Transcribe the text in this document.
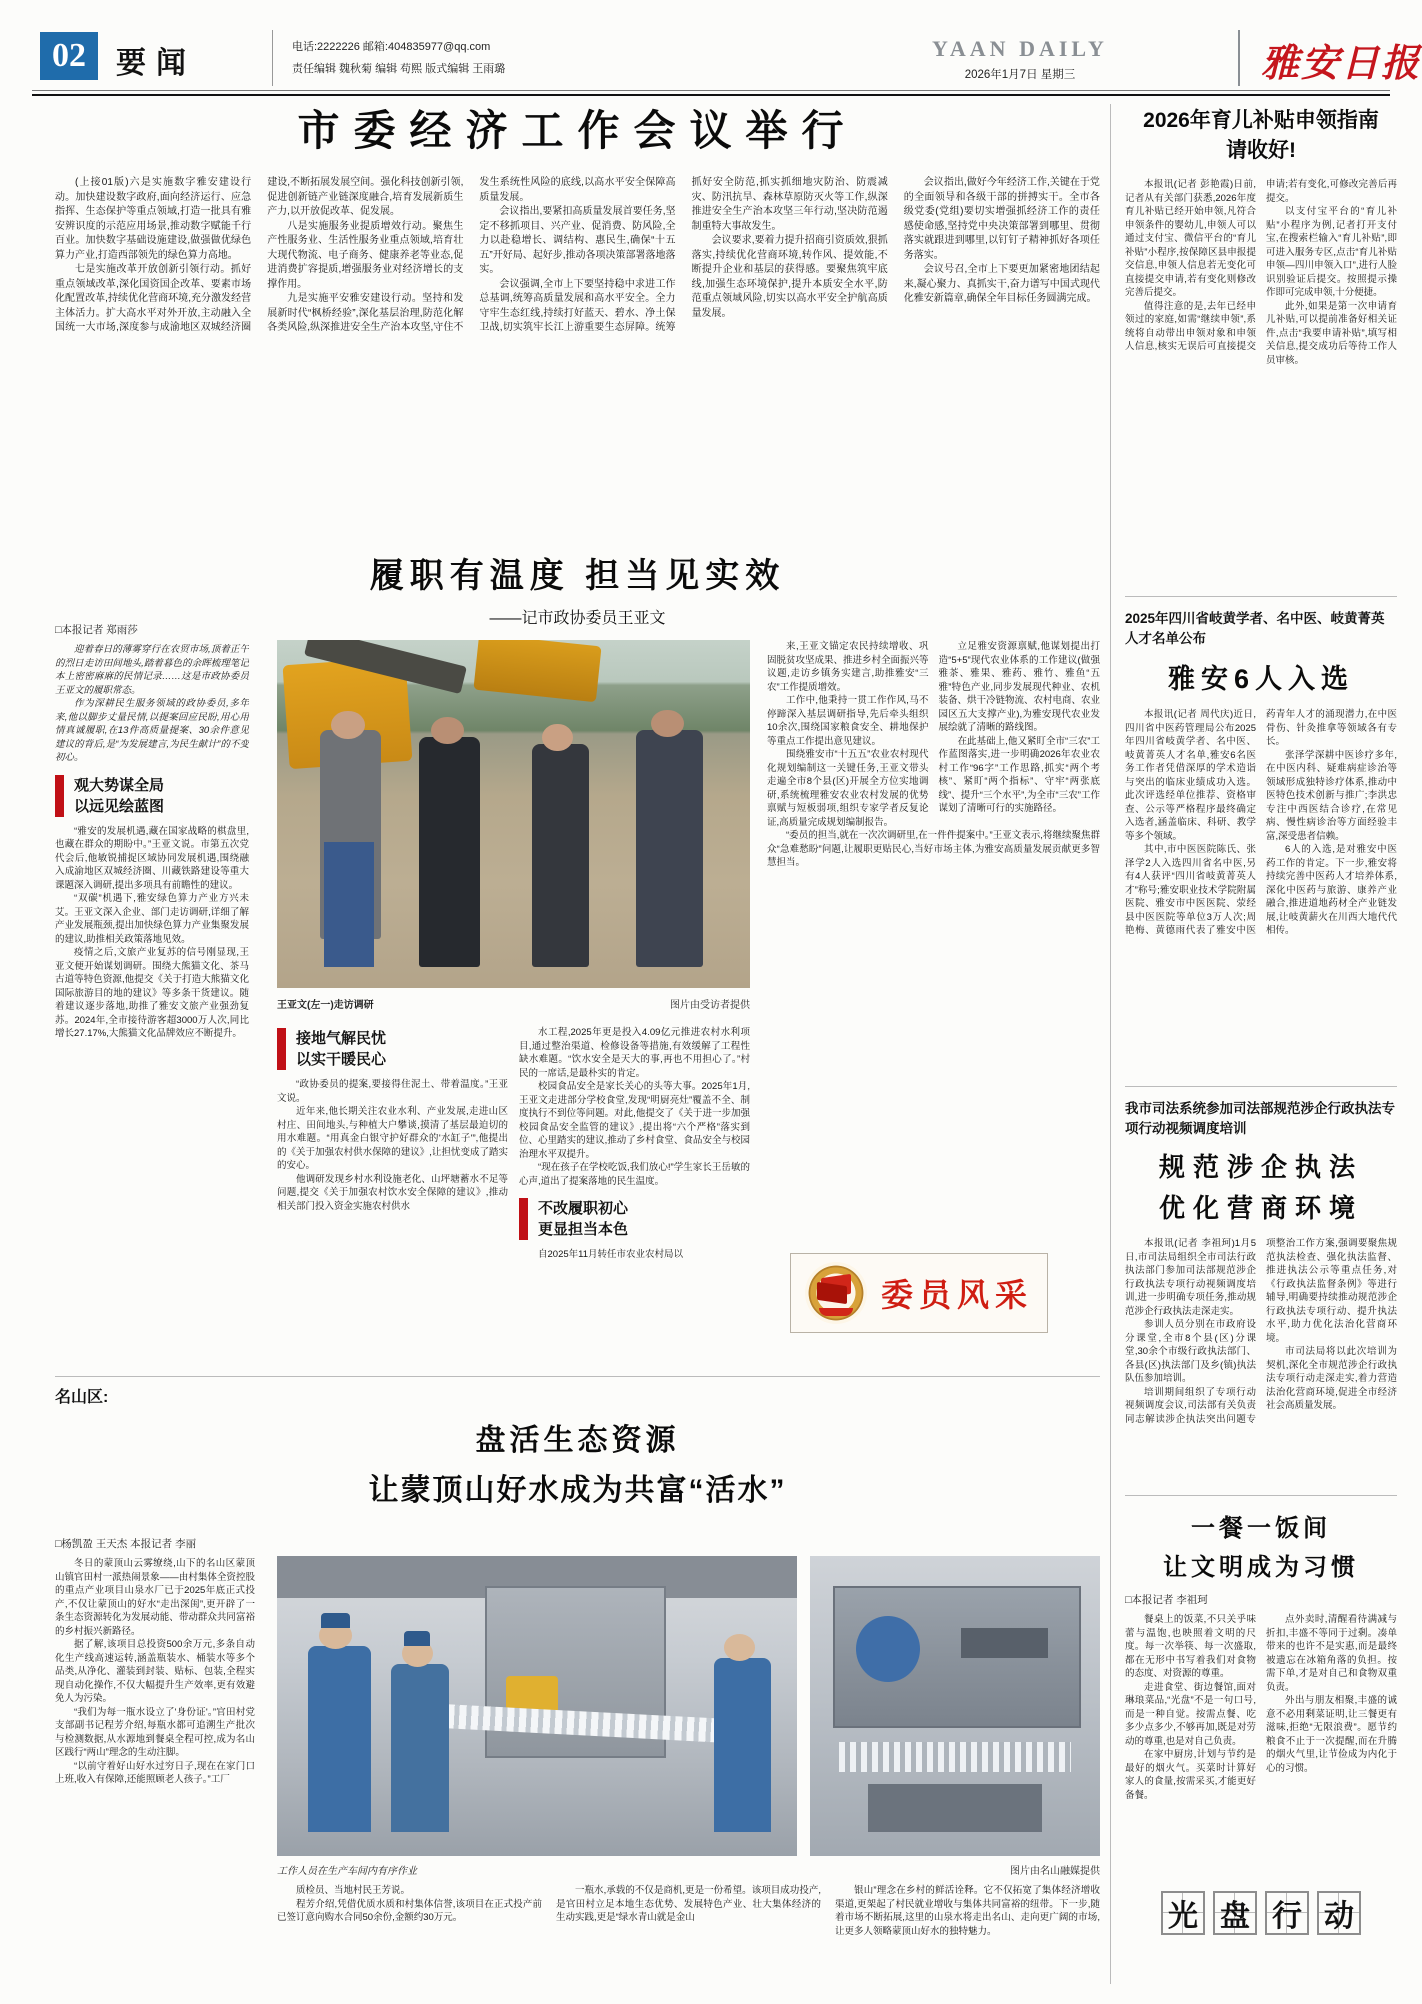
02	要闻	电话:2222226 邮箱:404835977@qq.com
责任编辑 魏秋菊 编辑 苟熙 版式编辑 王雨璐
YAAN DAILY
2026年1月7日 星期三	雅安日报
市委经济工作会议举行

(上接01版)六是实施数字雅安建设行动。加快建设数字政府,面向经济运行、应急指挥、生态保护等重点领域,打造一批具有雅安辨识度的示范应用场景,推动数字赋能千行百业。加快数字基础设施建设,做强做优绿色算力产业,打造西部领先的绿色算力高地。

七是实施改革开放创新引领行动。抓好重点领域改革,深化国资国企改革、要素市场化配置改革,持续优化营商环境,充分激发经营主体活力。扩大高水平对外开放,主动融入全国统一大市场,深度参与成渝地区双城经济圈建设,不断拓展发展空间。强化科技创新引领,促进创新链产业链深度融合,培育发展新质生产力,以开放促改革、促发展。

八是实施服务业提质增效行动。聚焦生产性服务业、生活性服务业重点领域,培育壮大现代物流、电子商务、健康养老等业态,促进消费扩容提质,增强服务业对经济增长的支撑作用。

九是实施平安雅安建设行动。坚持和发展新时代“枫桥经验”,深化基层治理,防范化解各类风险,纵深推进安全生产治本攻坚,守住不发生系统性风险的底线,以高水平安全保障高质量发展。

会议指出,要紧扣高质量发展首要任务,坚定不移抓项目、兴产业、促消费、防风险,全力以赴稳增长、调结构、惠民生,确保“十五五”开好局、起好步,推动各项决策部署落地落实。

会议强调,全市上下要坚持稳中求进工作总基调,统筹高质量发展和高水平安全。全力守牢生态红线,持续打好蓝天、碧水、净土保卫战,切实筑牢长江上游重要生态屏障。统筹抓好安全防范,抓实抓细地灾防治、防震减灾、防汛抗旱、森林草原防灭火等工作,纵深推进安全生产治本攻坚三年行动,坚决防范遏制重特大事故发生。

会议要求,要着力提升招商引资质效,狠抓落实,持续优化营商环境,转作风、提效能,不断提升企业和基层的获得感。要聚焦筑牢底线,加强生态环境保护,提升本质安全水平,防范重点领域风险,切实以高水平安全护航高质量发展。

会议指出,做好今年经济工作,关键在于党的全面领导和各级干部的拼搏实干。全市各级党委(党组)要切实增强抓经济工作的责任感使命感,坚持党中央决策部署到哪里、贯彻落实就跟进到哪里,以钉钉子精神抓好各项任务落实。

会议号召,全市上下要更加紧密地团结起来,凝心聚力、真抓实干,奋力谱写中国式现代化雅安新篇章,确保全年目标任务圆满完成。

履职有温度 担当见实效
——记市政协委员王亚文
□本报记者 郑雨莎

迎着春日的薄雾穿行在农贸市场,顶着正午的烈日走访田间地头,踏着暮色的余晖梳理笔记本上密密麻麻的民情记录……这是市政协委员王亚文的履职常态。

作为深耕民生服务领域的政协委员,多年来,他以脚步丈量民情,以提案回应民盼,用心用情真诚履职,在13件高质量提案、30余件意见建议的背后,是“为发展建言,为民生献计”的不变初心。

观大势谋全局
以远见绘蓝图

“雅安的发展机遇,藏在国家战略的棋盘里,也藏在群众的期盼中。”王亚文说。市第五次党代会后,他敏锐捕捉区域协同发展机遇,围绕融入成渝地区双城经济圈、川藏铁路建设等重大课题深入调研,提出多项具有前瞻性的建议。

“双碳”机遇下,雅安绿色算力产业方兴未艾。王亚文深入企业、部门走访调研,详细了解产业发展瓶颈,提出加快绿色算力产业集聚发展的建议,助推相关政策落地见效。

疫情之后,文旅产业复苏的信号刚显现,王亚文便开始谋划调研。围绕大熊猫文化、茶马古道等特色资源,他提交《关于打造大熊猫文化国际旅游目的地的建议》等多条干货建议。随着建议逐步落地,助推了雅安文旅产业强劲复苏。2024年,全市接待游客超3000万人次,同比增长27.17%,大熊猫文化品牌效应不断提升。

王亚文(左一)走访调研	图片由受访者提供

来,王亚文锚定农民持续增收、巩固脱贫攻坚成果、推进乡村全面振兴等议题,走访乡镇务实建言,助推雅安“三农”工作提质增效。

工作中,他秉持一贯工作作风,马不停蹄深入基层调研指导,先后牵头组织10余次,围绕国家粮食安全、耕地保护等重点工作提出意见建议。

围绕雅安市“十五五”农业农村现代化规划编制这一关键任务,王亚文带头走遍全市8个县(区)开展全方位实地调研,系统梳理雅安农业农村发展的优势禀赋与短板弱项,组织专家学者反复论证,高质量完成规划编制报告。

立足雅安资源禀赋,他谋划提出打造“5+5”现代农业体系的工作建议(做强雅茶、雅果、雅药、雅竹、雅鱼“五雅”特色产业,同步发展现代种业、农机装备、烘干冷链物流、农村电商、农业园区五大支撑产业),为雅安现代农业发展绘就了清晰的路线图。

在此基础上,他又紧盯全市“三农”工作蓝图落实,进一步明确2026年农业农村工作“96字”工作思路,抓实“两个考核”、紧盯“两个指标”、守牢“两张底线”、提升“三个水平”,为全市“三农”工作谋划了清晰可行的实施路径。

“委员的担当,就在一次次调研里,在一件件提案中。”王亚文表示,将继续聚焦群众“急难愁盼”问题,让履职更贴民心,当好市场主体,为雅安高质量发展贡献更多智慧担当。

委员风采
接地气解民忧
以实干暖民心

“政协委员的提案,要接得住泥土、带着温度。”王亚文说。

近年来,他长期关注农业水利、产业发展,走进山区村庄、田间地头,与种植大户攀谈,摸清了基层最迫切的用水难题。“用真金白银守护好群众的'水缸子'”,他提出的《关于加强农村供水保障的建议》,让担忧变成了踏实的安心。

他调研发现乡村水利设施老化、山坪塘蓄水不足等问题,提交《关于加强农村饮水安全保障的建议》,推动相关部门投入资金实施农村供水

水工程,2025年更是投入4.09亿元推进农村水利项目,通过整治渠道、检修设备等措施,有效缓解了工程性缺水难题。“饮水安全是天大的事,再也不用担心了。”村民的一席话,是最朴实的肯定。

校园食品安全是家长关心的头等大事。2025年1月,王亚文走进部分学校食堂,发现“明厨亮灶”覆盖不全、制度执行不到位等问题。对此,他提交了《关于进一步加强校园食品安全监管的建议》,提出将“六个严格”落实到位、心里踏实的建议,推动了乡村食堂、食品安全与校园治理水平双提升。

“现在孩子在学校吃饭,我们放心!”学生家长王岳敏的心声,道出了提案落地的民生温度。

不改履职初心
更显担当本色

自2025年11月转任市农业农村局以

名山区:
盘活生态资源
让蒙顶山好水成为共富“活水”
□杨凯盈 王天杰 本报记者 李丽

冬日的蒙顶山云雾缭绕,山下的名山区蒙顶山镇官田村一派热闹景象——由村集体全资控股的重点产业项目山泉水厂已于2025年底正式投产,不仅让蒙顶山的好水“走出深闺”,更开辟了一条生态资源转化为发展动能、带动群众共同富裕的乡村振兴新路径。

据了解,该项目总投资500余万元,多条自动化生产线高速运转,涵盖瓶装水、桶装水等多个品类,从净化、灌装到封装、贴标、包装,全程实现自动化操作,不仅大幅提升生产效率,更有效避免人为污染。

“我们为每一瓶水设立了'身份证'。”官田村党支部副书记程芳介绍,每瓶水都可追溯生产批次与检测数据,从水源地到餐桌全程可控,成为名山区践行“两山”理念的生动注脚。

“以前守着好山好水过穷日子,现在在家门口上班,收入有保障,还能照顾老人孩子。”工厂

工作人员在生产车间内有序作业	图片由名山融媒提供

质检员、当地村民王芳说。

程芳介绍,凭借优质水质和村集体信誉,该项目在正式投产前已签订意向购水合同50余份,金额约30万元。

一瓶水,承载的不仅是商机,更是一份希望。该项目成功投产,是官田村立足本地生态优势、发展特色产业、壮大集体经济的生动实践,更是“绿水青山就是金山

银山”理念在乡村的鲜活诠释。它不仅拓宽了集体经济增收渠道,更架起了村民就业增收与集体共同富裕的纽带。下一步,随着市场不断拓展,这里的山泉水将走出名山、走向更广阔的市场,让更多人领略蒙顶山好水的独特魅力。

2026年育儿补贴申领指南
请收好!

本报讯(记者 彭艳霞)日前,记者从有关部门获悉,2026年度育儿补贴已经开始申领,凡符合申领条件的婴幼儿,申领人可以通过支付宝、微信平台的“育儿补贴”小程序,按保障区县申报提交信息,申领人信息若无变化可直接提交申请,若有变化则修改完善后提交。

值得注意的是,去年已经申领过的家庭,如需“继续申领”,系统将自动带出申领对象和申领人信息,核实无误后可直接提交申请;若有变化,可修改完善后再提交。

以支付宝平台的“育儿补贴”小程序为例,记者打开支付宝,在搜索栏输入“育儿补贴”,即可进入服务专区,点击“育儿补贴申领—四川申领入口”,进行人脸识别验证后提交。按照提示操作即可完成申领,十分便捷。

此外,如果是第一次申请育儿补贴,可以提前准备好相关证件,点击“我要申请补贴”,填写相关信息,提交成功后等待工作人员审核。

2025年四川省岐黄学者、名中医、岐黄菁英人才名单公布
雅安6人入选

本报讯(记者 周代庆)近日,四川省中医药管理局公布2025年四川省岐黄学者、名中医、岐黄菁英人才名单,雅安6名医务工作者凭借深厚的学术造诣与突出的临床业绩成功入选。此次评选经单位推荐、资格审查、公示等严格程序最终确定入选者,涵盖临床、科研、教学等多个领域。

其中,市中医医院陈氏、张泽学2人入选四川省名中医,另有4人获评“四川省岐黄菁英人才”称号;雅安职业技术学院附属医院、雅安市中医医院、荥经县中医医院等单位3万人次;周艳梅、黄德雨代表了雅安中医药青年人才的涌现潜力,在中医骨伤、针灸推拿等领域各有专长。

张泽学深耕中医诊疗多年,在中医内科、疑难病症诊治等领域形成独特诊疗体系,推动中医特色技术创新与推广;李洪忠专注中西医结合诊疗,在常见病、慢性病诊治等方面经验丰富,深受患者信赖。

6人的入选,是对雅安中医药工作的肯定。下一步,雅安将持续完善中医药人才培养体系,深化中医药与旅游、康养产业融合,推进道地药材全产业链发展,让岐黄薪火在川西大地代代相传。

我市司法系统参加司法部规范涉企行政执法专项行动视频调度培训
规范涉企执法
优化营商环境

本报讯(记者 李祖珂)1月5日,市司法局组织全市司法行政执法部门参加司法部规范涉企行政执法专项行动视频调度培训,进一步明确专项任务,推动规范涉企行政执法走深走实。

参训人员分别在市政府设分课堂,全市8个县(区)分课堂,30余个市级行政执法部门、各县(区)执法部门及乡(镇)执法队伍参加培训。

培训期间组织了专项行动视频调度会议,司法部有关负责同志解读涉企执法突出问题专项整治工作方案,强调要聚焦规范执法检查、强化执法监督、推进执法公示等重点任务,对《行政执法监督条例》等进行辅导,明确要持续推动规范涉企行政执法专项行动、提升执法水平,助力优化法治化营商环境。

市司法局将以此次培训为契机,深化全市规范涉企行政执法专项行动走深走实,着力营造法治化营商环境,促进全市经济社会高质量发展。

一餐一饭间
让文明成为习惯
□本报记者 李祖珂

餐桌上的饭菜,不只关乎味蕾与温饱,也映照着文明的尺度。每一次举筷、每一次盛取,都在无形中书写着我们对食物的态度、对资源的尊重。

走进食堂、街边餐馆,面对琳琅菜品,“光盘”不是一句口号,而是一种自觉。按需点餐、吃多少点多少,不够再加,既是对劳动的尊重,也是对自己负责。

在家中厨房,计划与节约是最好的烟火气。买菜时计算好家人的食量,按需采买,才能更好备餐。

点外卖时,清醒看待满减与折扣,丰盛不等同于过剩。凑单带来的也许不是实惠,而是最终被遗忘在冰箱角落的负担。按需下单,才是对自己和食物双重负责。

外出与朋友相聚,丰盛的诚意不必用剩菜证明,让三餐更有滋味,拒绝“无限浪费”。愿节约粮食不止于一次提醒,而在升腾的烟火气里,让节俭成为内化于心的习惯。

光 盘 行 动
